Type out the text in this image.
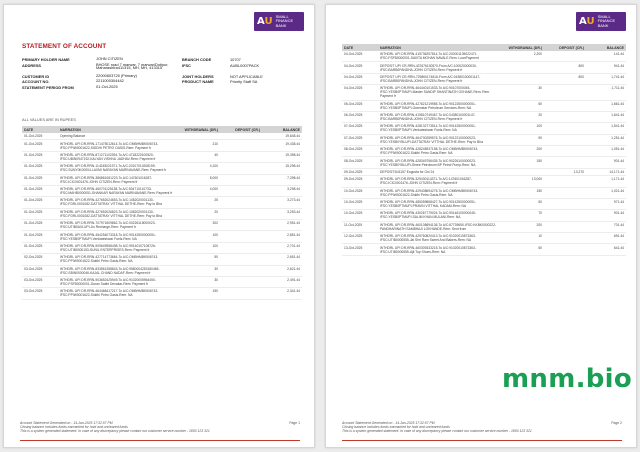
AU SMALL
FINANCE
BANK
STATEMENT OF ACCOUNT
PRIMARY HOLDER NAME	JOHN CITIZEN	BRANCH CODE	10707
ADDRESS	BHOSE road 7 marwar, 7 marwar/Dotipur, Maharashtra411315, MH, MH, 413315
IFSC	AUBL0007PACK
CUSTOMER ID	22000603725 (Primary)	JOINT HOLDERS	NOT APPLICABLE
ACCOUNT NO.	2211000304442	PRODUCT NAME	Priority Staff SA
STATEMENT PERIOD FROM	01-Oct-2025
ALL VALUES ARE IN RUPEES
DATE	NARRATION	WITHDRAWAL (DR.)	DEPOSIT (CR.)	BALANCE
01-Oct-2025	Opening Balance			19,648.44
01-Oct-2025	WTHDRL UPI DR-RRN-171475012614-To A/C:OMBHMBK506743-IFSC:PPIW0001622-SIDDHI PETRO OASIS-Rem: Payment fr	210		19,438.44
01-Oct-2025	WTHDRL UPI DR-RRN-871271102394-To A/C:4718220100520-IFSC:UBIN0947192-KALYAN VISHNU JADHAV-Rem: Payment fr	40		19,398.44
01-Oct-2025	WTHDRL UPI DR-RRN-114245021971-To A/C:20107010208199-IFSC:SUNY0K00004-LAXMI NARAYAN MARINAVANE-Rem: Payment fr	4,100		15,298.44
01-Oct-2025	WTHDRL UPI DR-RRN-386861081223-To A/C:147601016287-IFSC:ICIC0001476-JOHN CITIZEN-Rem: Payment fr	8,000		7,298.44
01-Oct-2025	WTHDRL UPI DR-RRN-460701125138-To A/C:504710110733-IFSC:MAHB0000051-SHANKAR NARAYAN MARINAVANE-Rem: Payment fr	4,000		3,298.44
01-Oct-2025	WTHDRL UPI DR-RRN-427652024653-To A/C:1082020001130-IFSC:FDRL0001082-DATTATRAY VITTHAL DETHE-Rem: Pay to Bha	25		3,273.44
01-Oct-2025	WTHDRL UPI DR-RRN-427652026823-To A/C:1082020001130-IFSC:FDRL0001082-DATTATRAY VITTHAL DETHE-Rem: Pay to Bha	20		3,253.44
01-Oct-2025	WTHDRL UPI DR-RRN-707971609862-To A/C:00226115000023-IFSC:UTIB0AXLUPI-Jio Recharge-Rem: Payment fr	302		2,951.44
01-Oct-2025	WTHDRL UPI DR-RRN-454254073318-To A/C:90142500000051-IFSC:YESB0PTMUPI-Venkateshwar Fuels-Rem: NA	100		2,851.44
01-Oct-2025	WTHDRL UPI DR-RRN-909649958498-To A/C:99140107108726-IFSC:UTIB0000153-SUNIL ENTERPRISES-Rem: Payment fr	100		2,701.44
02-Oct-2025	WTHDRL UPI DR-RRN-427714773664-To A/C:OMBHMBK506743-IFSC:PPIW0001622-Siddhi Petro Oasis-Rem: NA	50		2,651.44
03-Oct-2025	WTHDRL UPI DR-RRN-833561358843-To A/C:9580004253180465-IFSC:SBIN0000046-KAJAL CHAND NADAF-Rem: Payment fr	30		2,621.44
03-Oct-2025	WTHDRL UPI DR-RRN-903652425949-To A/C:91020005964450-IFSC:FSFB0000001-Gurav Sabbi Devakar-Rem: Payment fr	30		2,491.44
03-Oct-2025	WTHDRL UPI DR-RRN-464468417217-To A/C:OMBHMBK506743-IFSC:PPIW0001622-Siddhi Petro Oasis-Rem: NA	150		2,341.44
Account Statement Generated on - 14-Jan-2025 17:32:57 PM
Closing balance includes funds earmarked for hold and uncleared funds
This is a system generated statement. In case of any discrepancy please contact our customer service number - 1800 123 321
Page 1
AU SMALL
FINANCE
BANK
DATE	NARRATION	WITHDRAWAL (DR.)	DEPOSIT (CR.)	BALANCE
04-Oct-2025	WTHDRL UPI DR-RRN-415736257814-To A/C:200001105022471-IFSC:FSFB0000001-SAVITA MOHAN NAVALE-Rem: LoanPayment	2,200		141.44
04-Oct-2025	DEPOSIT UPI CR-RRN-437676130570-From A/C:100020000030-IFSC:BARB0PANDHA-JOHN CITIZEN-Rem: Payment fr		800	941.44
04-Oct-2025	DEPOSIT UPI CR-RRN-729860174616-From A/C:04380100001147-IFSC:BARB0PANDHA-JOHN CITIZEN-Rem: Payment fr		800	1,741.44
04-Oct-2025	WTHDRL UPI DR-RRN-464440101533-To A/C:90107000045-IFSC:YESB0PTMUPI-Master SANDIP SHANTINATH GVHANE-Rem: Rem Payment fr	30		1,711.44
05-Oct-2025	WTHDRL UPI DR-RRN-427821219985-To A/C:90122500000051-IFSC:YESB0PTMUPI-Greenstar Petroleum Services-Rem: NA	50		1,661.44
06-Oct-2025	WTHDRL UPI DR-RRN-419810749467-To A/C:04380100001147-IFSC:BARB0PANDHA-JOHN CITIZEN-Rem: Payment fr	20		1,641.44
07-Oct-2025	WTHDRL UPI DR-RRN-428132773514-To A/C:90142500000051-IFSC:YESB0PTMUPI-Venkateshwar Fuels-Rem: NA	100		1,541.44
07-Oct-2025	WTHDRL UPI DR-RRN-464700289576-To A/C:90122100000023-IFSC:YESB0YBLUPI-DATTATRAY VITTHAL DETHE-Rem: Pay to Bha	90		1,251.44
08-Oct-2025	WTHDRL UPI DR-RRN-428248937158-To A/C:OMBHMBK506743-IFSC:PPIW0001622-Siddhi Petro Oasis-Rem: NA	200		1,051.44
08-Oct-2025	WTHDRL UPI DR-RRN-428349756435-To A/C:90226100000023-IFSC:YESB0YBLUPI-Shree Petroleum BP Petrol Pump-Rem: NA	150		901.44
09-Oct-2025	DEPOSIT:841157 Eugosta for Oct 24		13,270	14,171.44
09-Oct-2025	WTHDRL UPI DR-RRN-329430114371-To A/C:147601016287-IFSC:ICIC0001476-JOHN CITIZEN-Rem: Payment fr	13,000		1,171.44
10-Oct-2025	WTHDRL UPI DR-RRN-429408694275-To A/C:OMBHMBK506743-IFSC:PPIW0001622-Siddhi Petro Oasis-Rem: NA	150		1,021.44
10-Oct-2025	WTHDRL UPI DR-RRN-485059868427-To A/C:90142500000051-IFSC:YESB0PTMUPI-PRAVIN VITTHAL KADAM-Rem: NA	50		971.44
10-Oct-2025	WTHDRL UPI DR-RRN-430267779024-To A/C:90146100000045-IFSC:YESB0PTMUPI-SALIM KHAN MULANI-Rem: NA	70		901.44
11-Oct-2025	WTHDRL UPI DR-RRN-460108694136-To A/C:87739650-IFSC:KKBK0000222-PANDHARINATH SAMBHAJI LOKHANDE-Rem: Sent from	200		701.44
12-Oct-2025	WTHDRL UPI DR-RRN-429760820413-To A/C:91020010873363-IFSC:UTIB0000555-Jai Shri Ram Sweet And Bakers-Rem: NA	10		691.44
13-Oct-2025	WTHDRL UPI DR-RRN-460309333215-To A/C:91020010873363-IFSC:UTIB0000555-Ajit Top Shoes-Rem: NA	50		641.44
Account Statement Generated on - 14-Jan-2025 17:32:57 PM
Closing balance includes funds earmarked for hold and uncleared funds
This is a system generated statement. In case of any discrepancy please contact our customer service number - 1800 123 321
Page 2
mnm.bio
